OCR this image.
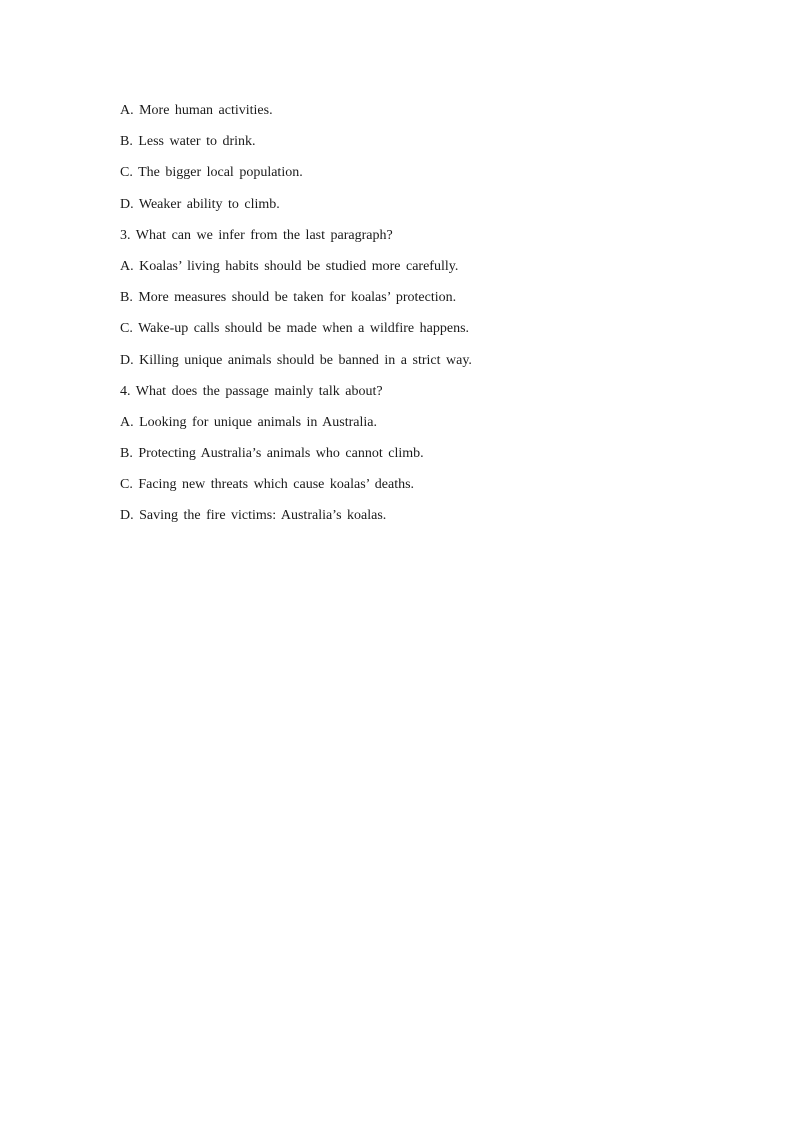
A. More human activities.
B. Less water to drink.
C. The bigger local population.
D. Weaker ability to climb.
3. What can we infer from the last paragraph?
A. Koalas’ living habits should be studied more carefully.
B. More measures should be taken for koalas’ protection.
C. Wake-up calls should be made when a wildfire happens.
D. Killing unique animals should be banned in a strict way.
4. What does the passage mainly talk about?
A. Looking for unique animals in Australia.
B. Protecting Australia’s animals who cannot climb.
C. Facing new threats which cause koalas’ deaths.
D. Saving the fire victims: Australia’s koalas.
